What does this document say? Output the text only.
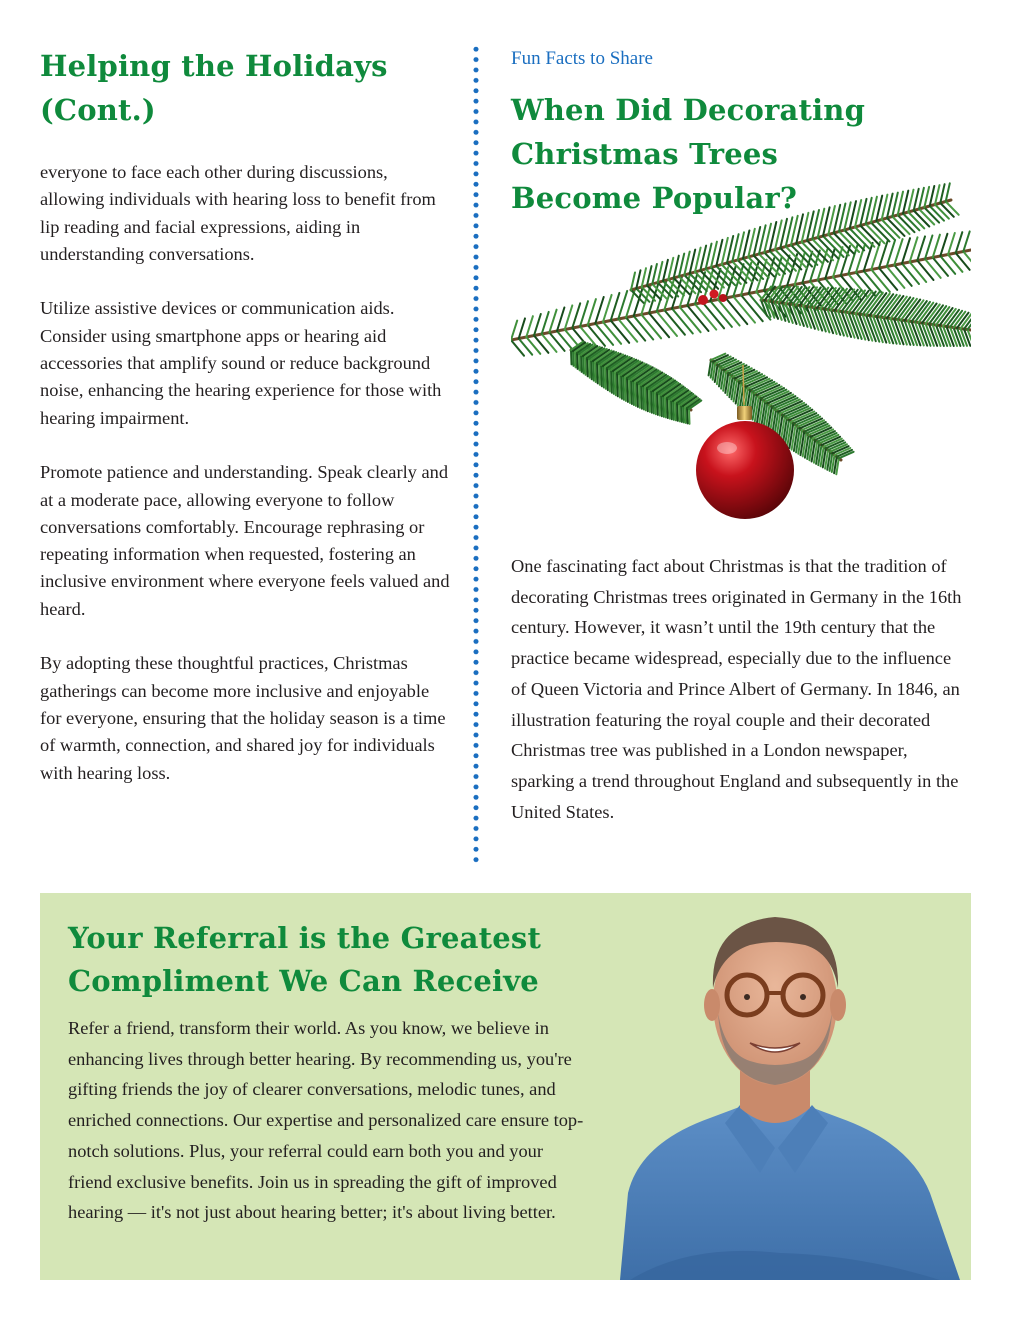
Helping the Holidays (Cont.)

everyone to face each other during discussions, allowing individuals with hearing loss to benefit from lip reading and facial expressions, aiding in understanding conversations.

Utilize assistive devices or communication aids. Consider using smartphone apps or hearing aid accessories that amplify sound or reduce background noise, enhancing the hearing experience for those with hearing impairment.

Promote patience and understanding. Speak clearly and at a moderate pace, allowing everyone to follow conversations comfortably. Encourage rephrasing or repeating information when requested, fostering an inclusive environment where everyone feels valued and heard.

By adopting these thoughtful practices, Christmas gatherings can become more inclusive and enjoyable for everyone, ensuring that the holiday season is a time of warmth, connection, and shared joy for individuals with hearing loss.

Fun Facts to Share

When Did Decorating Christmas Trees Become Popular?

One fascinating fact about Christmas is that the tradition of decorating Christmas trees originated in Germany in the 16th century. However, it wasn’t until the 19th century that the practice became widespread, especially due to the influence of Queen Victoria and Prince Albert of Germany. In 1846, an illustration featuring the royal couple and their decorated Christmas tree was published in a London newspaper, sparking a trend throughout England and subsequently in the United States.

Your Referral is the Greatest Compliment We Can Receive

Refer a friend, transform their world. As you know, we believe in enhancing lives through better hearing. By recommending us, you're gifting friends the joy of clearer conversations, melodic tunes, and enriched connections. Our expertise and personalized care ensure top-notch solutions. Plus, your referral could earn both you and your friend exclusive benefits. Join us in spreading the gift of improved hearing — it's not just about hearing better; it's about living better.
